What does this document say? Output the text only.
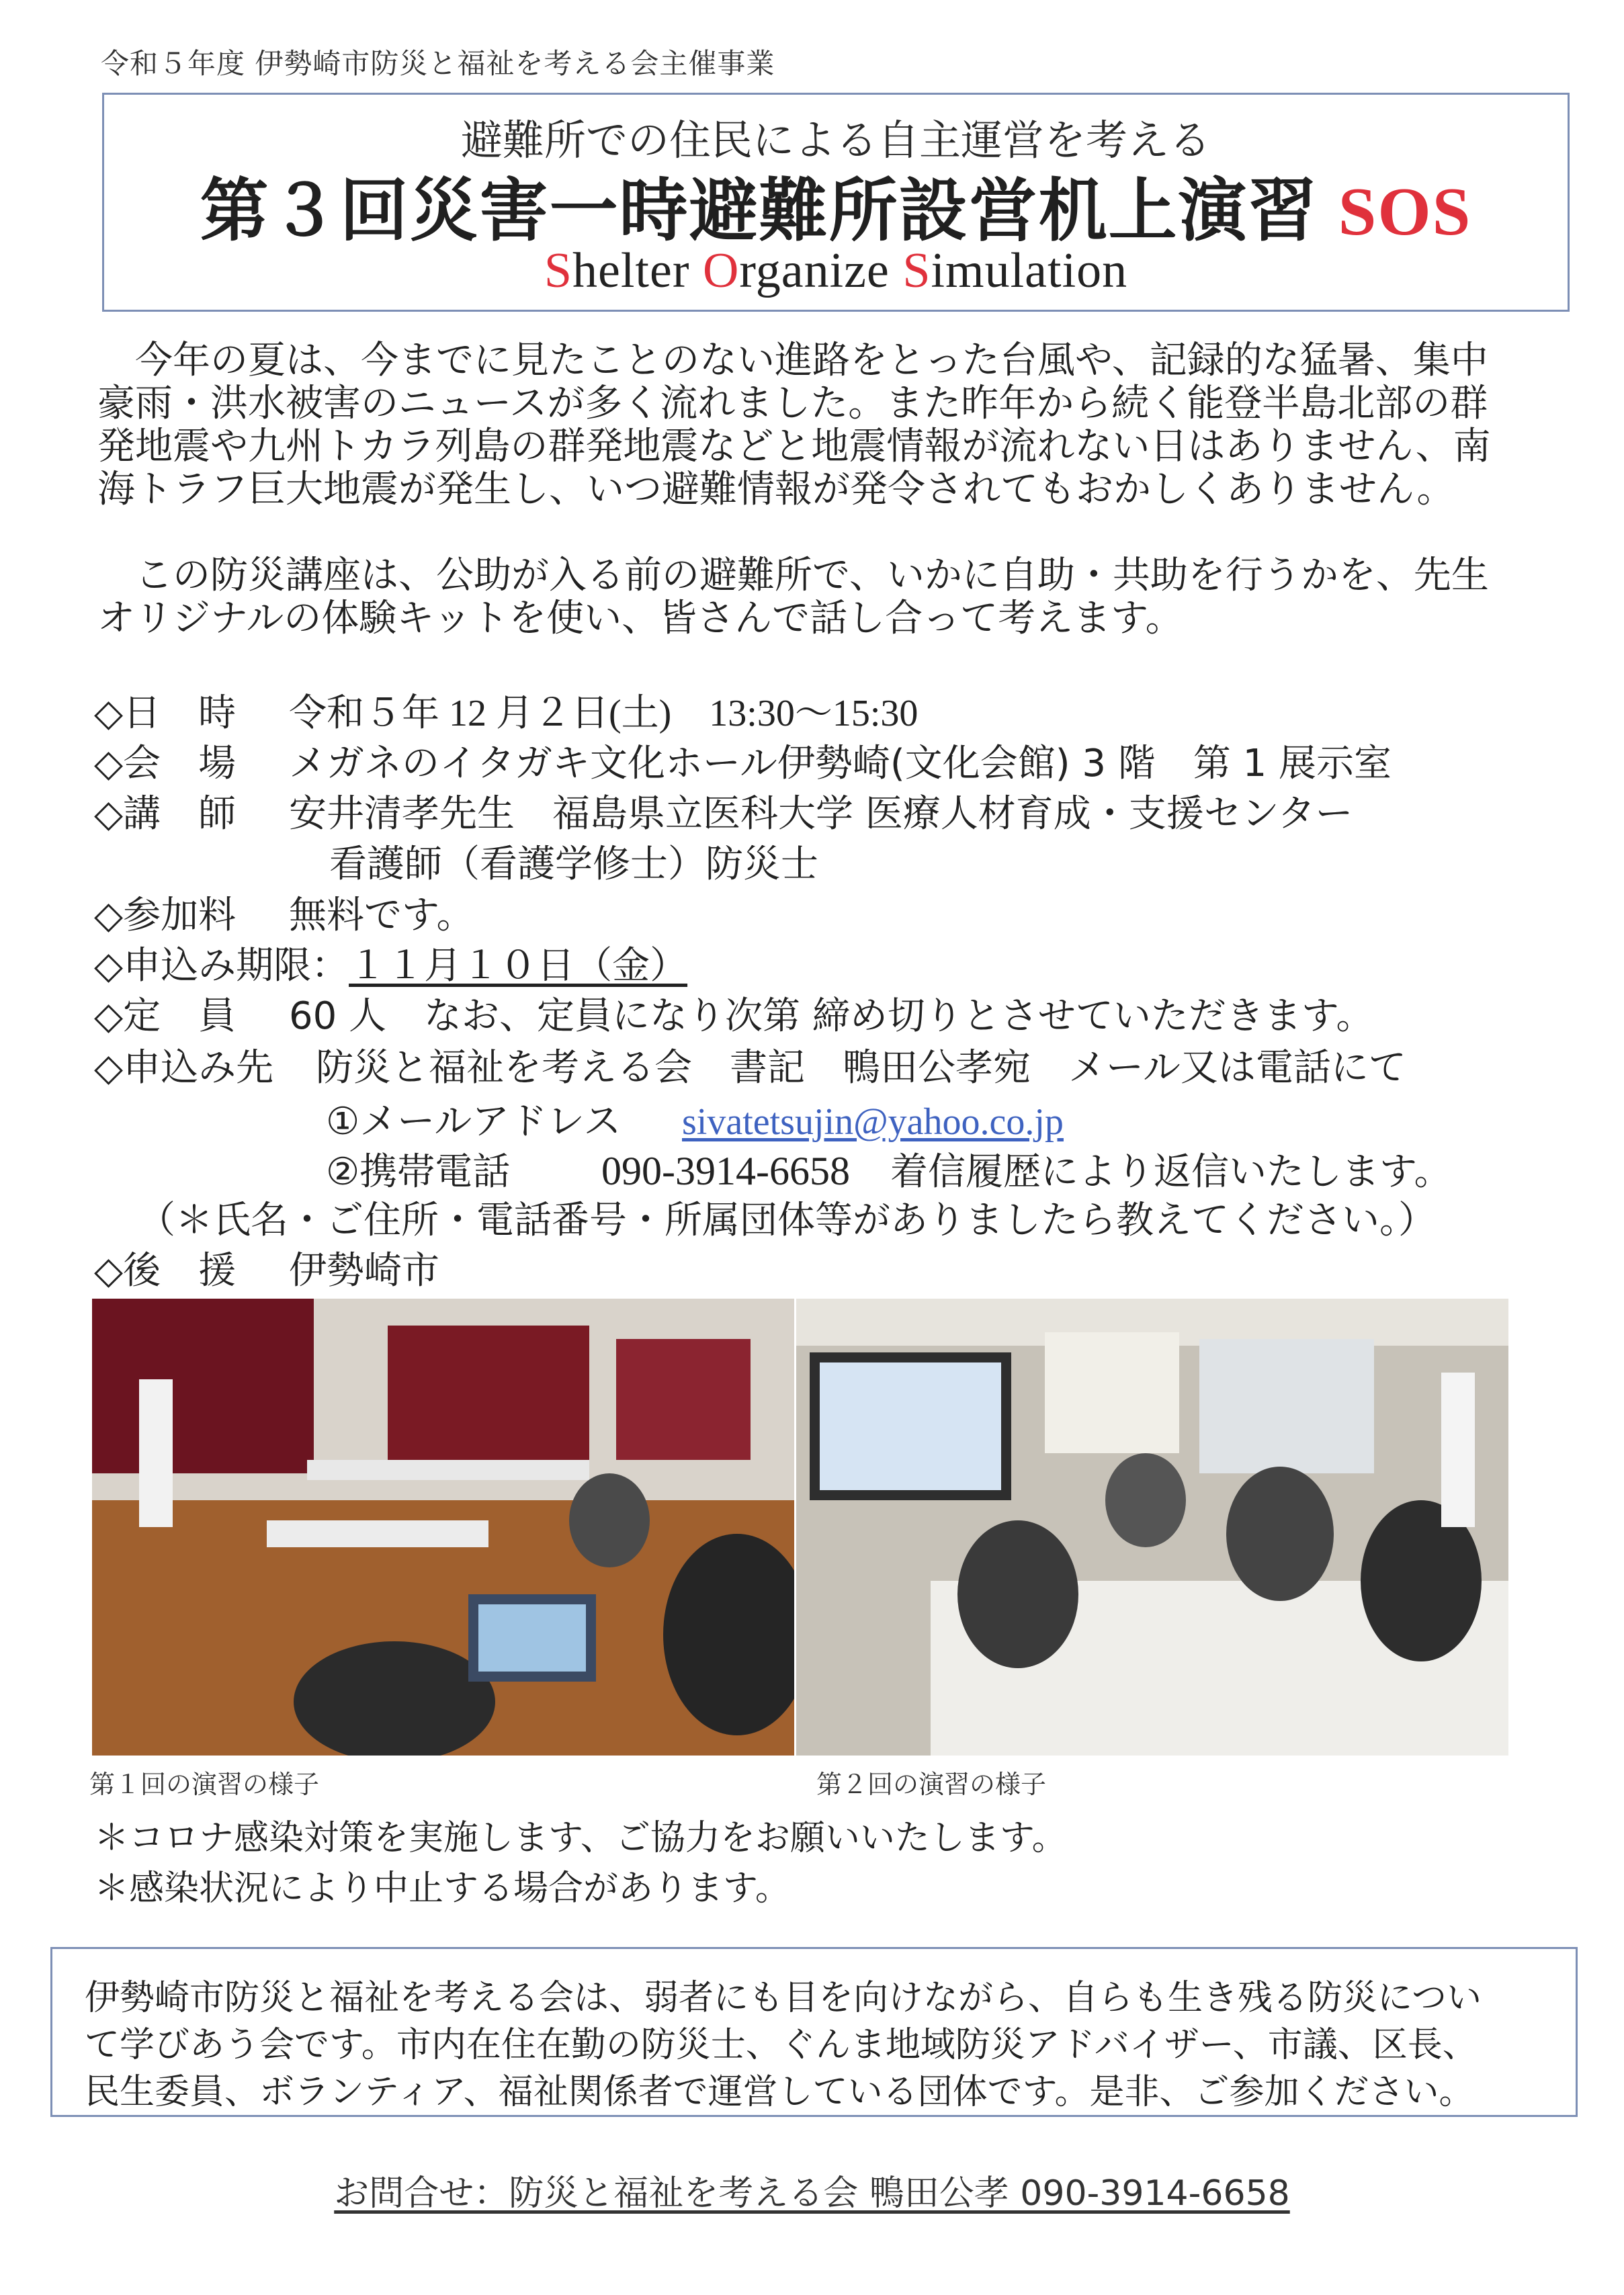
令和５年度 伊勢崎市防災と福祉を考える会主催事業
避難所での住民による自主運営を考える
第３回災害一時避難所設営机上演習 SOS
Shelter Organize Simulation

今年の夏は、今までに見たことのない進路をとった台風や、記録的な猛暑、集中

豪雨・洪水被害のニュースが多く流れました。また昨年から続く能登半島北部の群

発地震や九州トカラ列島の群発地震などと地震情報が流れない日はありません、南

海トラフ巨大地震が発生し、いつ避難情報が発令されてもおかしくありません。

この防災講座は、公助が入る前の避難所で、いかに自助・共助を行うかを、先生

オリジナルの体験キットを使い、皆さんで話し合って考えます。

◇日　時 令和５年 12 月２日(土)　13:30～15:30
◇会　場 メガネのイタガキ文化ホール伊勢崎(文化会館) 3 階　第 1 展示室
◇講　師 安井清孝先生　福島県立医科大学 医療人材育成・支援センター
看護師（看護学修士）防災士
◇参加料 無料です。
◇申込み期限：１１月１０日（金）
◇定　員 60 人　なお、定員になり次第 締め切りとさせていただきます。
◇申込み先 防災と福祉を考える会　書記　鴨田公孝宛　メール又は電話にて
①メールアドレス sivatetsujin@yahoo.co.jp
②携帯電話 090-3914-6658 着信履歴により返信いたします。
（＊氏名・ご住所・電話番号・所属団体等がありましたら教えてください。）
◇後　援 伊勢崎市
第１回の演習の様子	第２回の演習の様子
＊コロナ感染対策を実施します、ご協力をお願いいたします。
＊感染状況により中止する場合があります。

伊勢崎市防災と福祉を考える会は、弱者にも目を向けながら、自らも生き残る防災につい

て学びあう会です。市内在住在勤の防災士、ぐんま地域防災アドバイザー、市議、区長、

民生委員、ボランティア、福祉関係者で運営している団体です。是非、ご参加ください。

お問合せ：防災と福祉を考える会 鴨田公孝 090-3914-6658
